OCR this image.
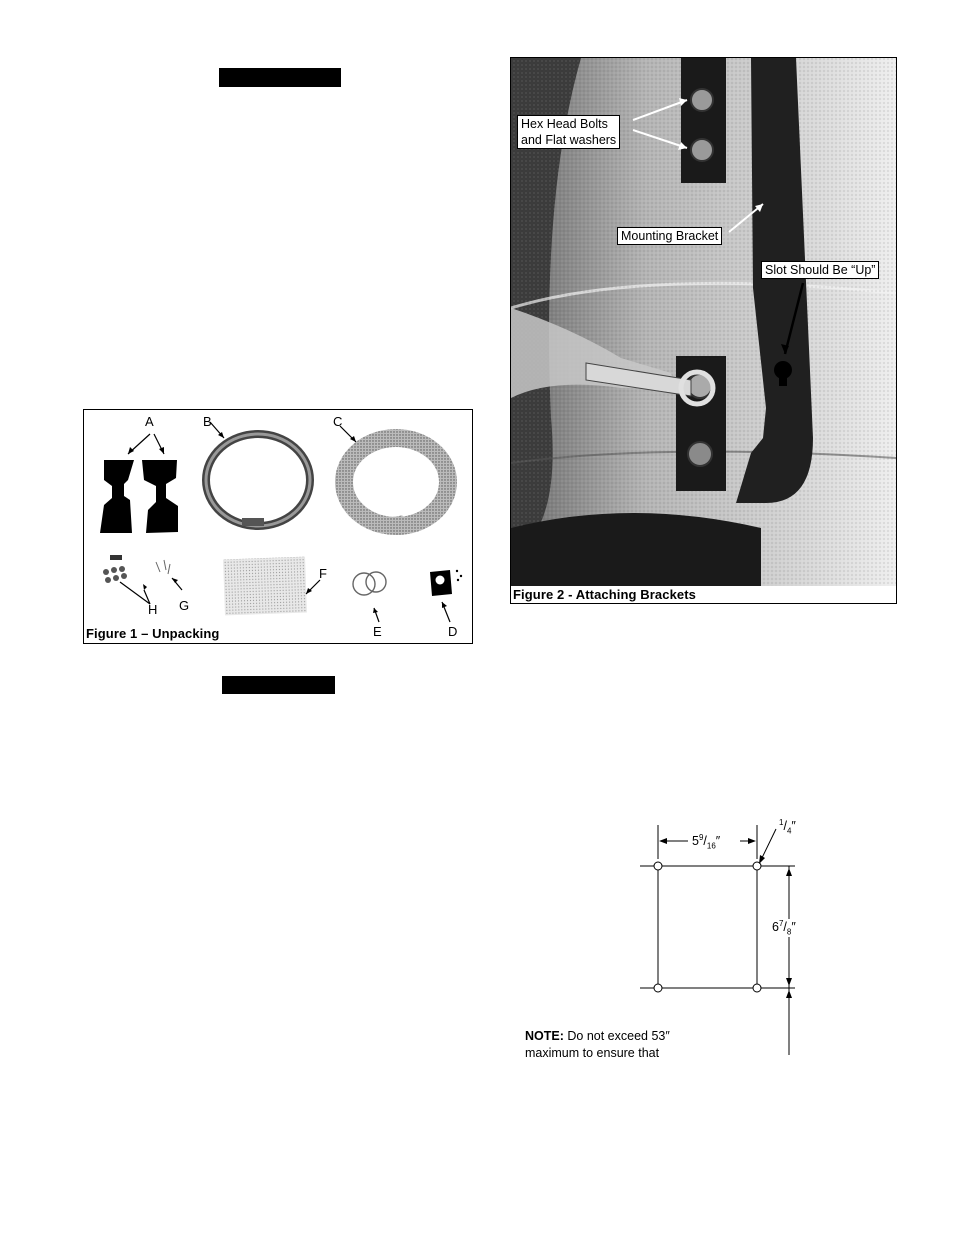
A	B	C
H G
F
E	D
Figure 1 – Unpacking
Hex Head Bolts
and Flat washers
Mounting Bracket
Slot Should Be “Up”
Figure 2 - Attaching Brackets
$5^9/_{16}''$
$^1/_4''$
$6^7/_8''$
NOTE: Do not exceed 53″
maximum to ensure that
